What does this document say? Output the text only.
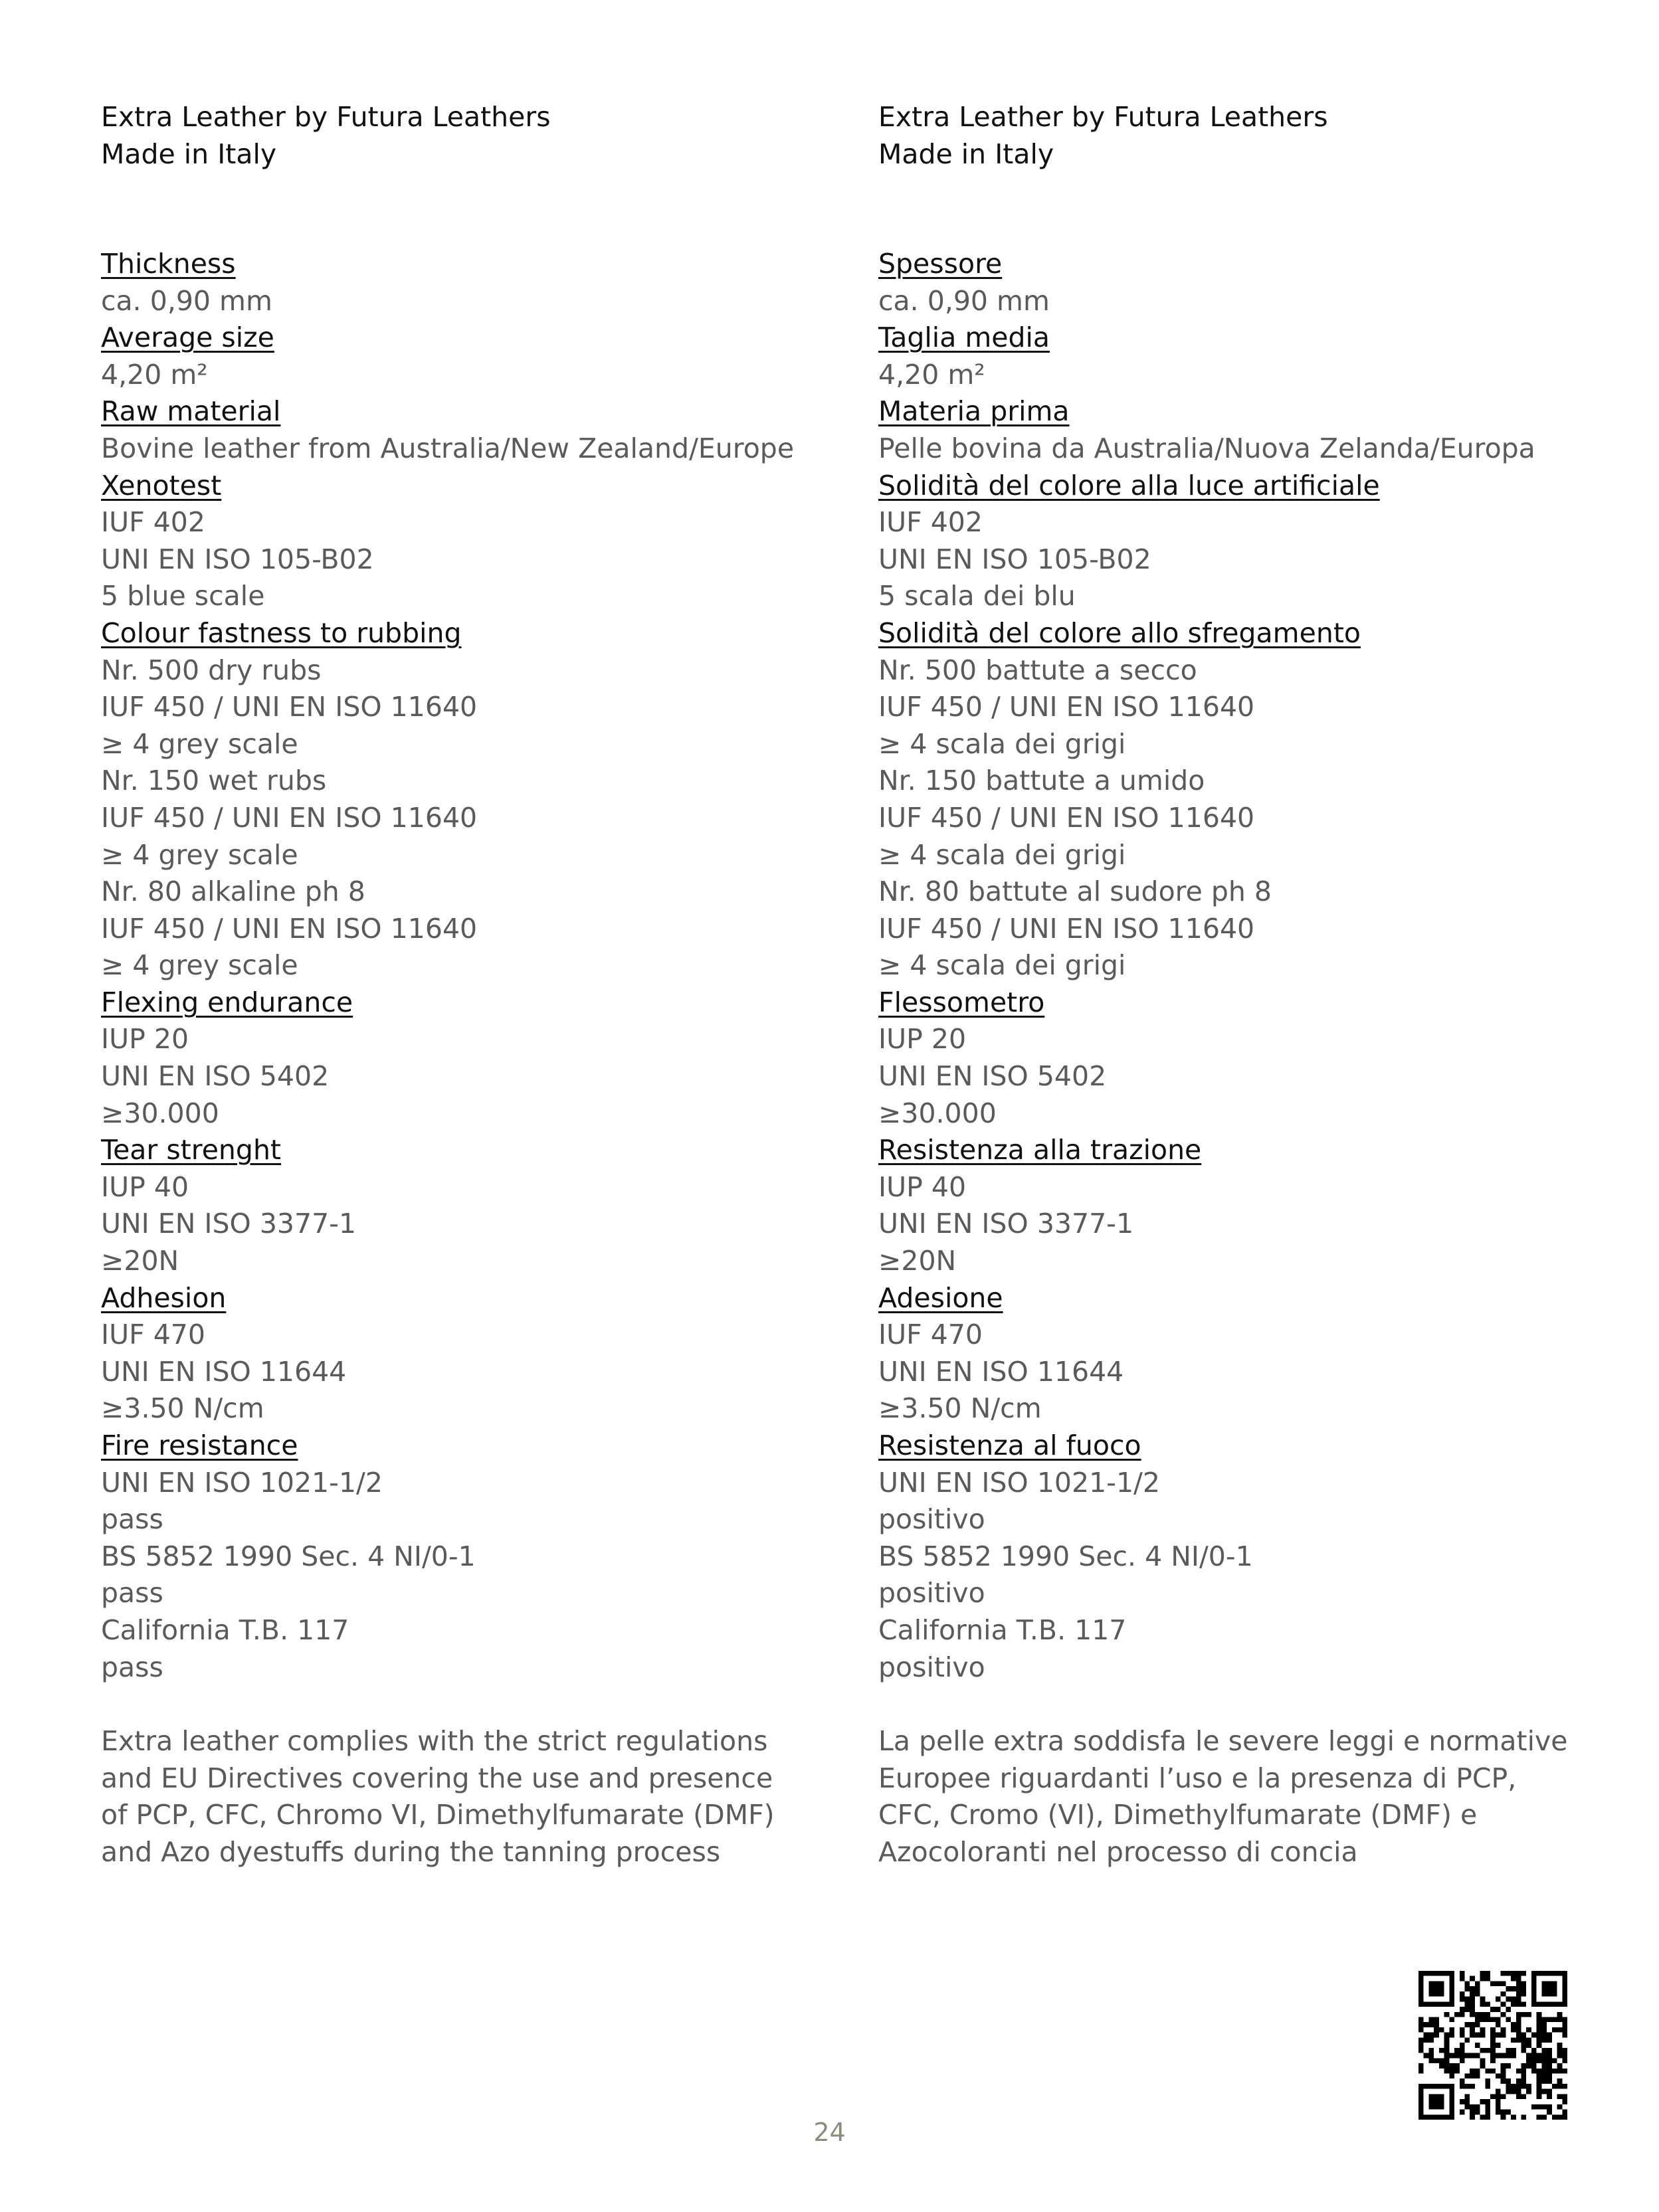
Extra Leather by Futura Leathers
Made in Italy
Thickness
ca. 0,90 mm
Average size
4,20 m²
Raw material
Bovine leather from Australia/New Zealand/Europe
Xenotest
IUF 402
UNI EN ISO 105-B02
5 blue scale
Colour fastness to rubbing
Nr. 500 dry rubs
IUF 450 / UNI EN ISO 11640
≥ 4 grey scale
Nr. 150 wet rubs
IUF 450 / UNI EN ISO 11640
≥ 4 grey scale
Nr. 80 alkaline ph 8
IUF 450 / UNI EN ISO 11640
≥ 4 grey scale
Flexing endurance
IUP 20
UNI EN ISO 5402
≥30.000
Tear strenght
IUP 40
UNI EN ISO 3377-1
≥20N
Adhesion
IUF 470
UNI EN ISO 11644
≥3.50 N/cm
Fire resistance
UNI EN ISO 1021-1/2
pass
BS 5852 1990 Sec. 4 NI/0-1
pass
California T.B. 117
pass
Extra leather complies with the strict regulations
and EU Directives covering the use and presence
of PCP, CFC, Chromo VI, Dimethylfumarate (DMF)
and Azo dyestuffs during the tanning process
Extra Leather by Futura Leathers
Made in Italy
Spessore
ca. 0,90 mm
Taglia media
4,20 m²
Materia prima
Pelle bovina da Australia/Nuova Zelanda/Europa
Solidità del colore alla luce artificiale
IUF 402
UNI EN ISO 105-B02
5 scala dei blu
Solidità del colore allo sfregamento
Nr. 500 battute a secco
IUF 450 / UNI EN ISO 11640
≥ 4 scala dei grigi
Nr. 150 battute a umido
IUF 450 / UNI EN ISO 11640
≥ 4 scala dei grigi
Nr. 80 battute al sudore ph 8
IUF 450 / UNI EN ISO 11640
≥ 4 scala dei grigi
Flessometro
IUP 20
UNI EN ISO 5402
≥30.000
Resistenza alla trazione
IUP 40
UNI EN ISO 3377-1
≥20N
Adesione
IUF 470
UNI EN ISO 11644
≥3.50 N/cm
Resistenza al fuoco
UNI EN ISO 1021-1/2
positivo
BS 5852 1990 Sec. 4 NI/0-1
positivo
California T.B. 117
positivo
La pelle extra soddisfa le severe leggi e normative
Europee riguardanti l’uso e la presenza di PCP,
CFC, Cromo (VI), Dimethylfumarate (DMF) e
Azocoloranti nel processo di concia
24
